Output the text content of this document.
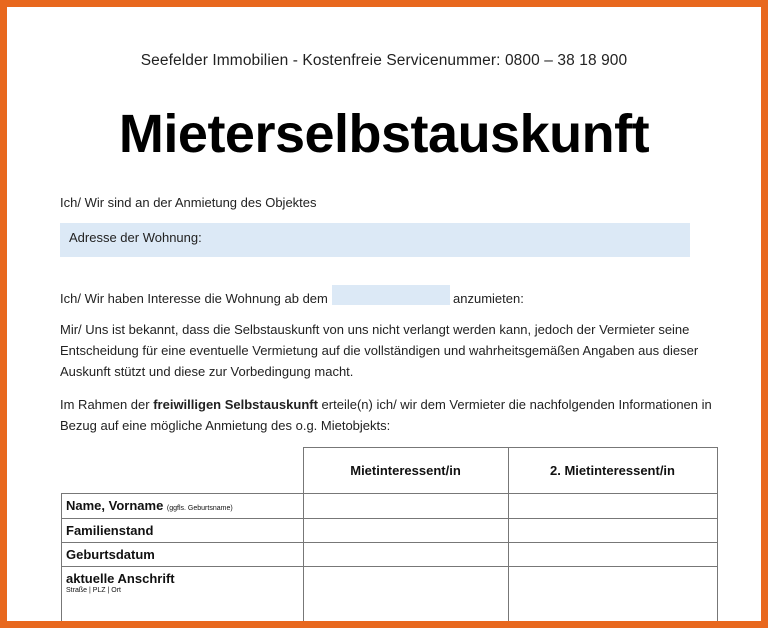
Seefelder Immobilien - Kostenfreie Servicenummer: 0800 – 38 18 900
Mieterselbstauskunft
Ich/ Wir sind an der Anmietung des Objektes
Adresse der Wohnung:
Ich/ Wir haben Interesse die Wohnung ab dem	anzumieten:
Mir/ Uns ist bekannt, dass die Selbstauskunft von uns nicht verlangt werden kann, jedoch der Vermieter seine
Entscheidung für eine eventuelle Vermietung auf die vollständigen und wahrheitsgemäßen Angaben aus dieser
Auskunft stützt und diese zur Vorbedingung macht.
Im Rahmen der freiwilligen Selbstauskunft erteile(n) ich/ wir dem Vermieter die nachfolgenden Informationen in
Bezug auf eine mögliche Anmietung des o.g. Mietobjekts:
	Mietinteressent/in	2. Mietinteressent/in
Name, Vorname (ggfls. Geburtsname)		
Familienstand		
Geburtsdatum		
aktuelle Anschrift
Straße | PLZ | Ort		
